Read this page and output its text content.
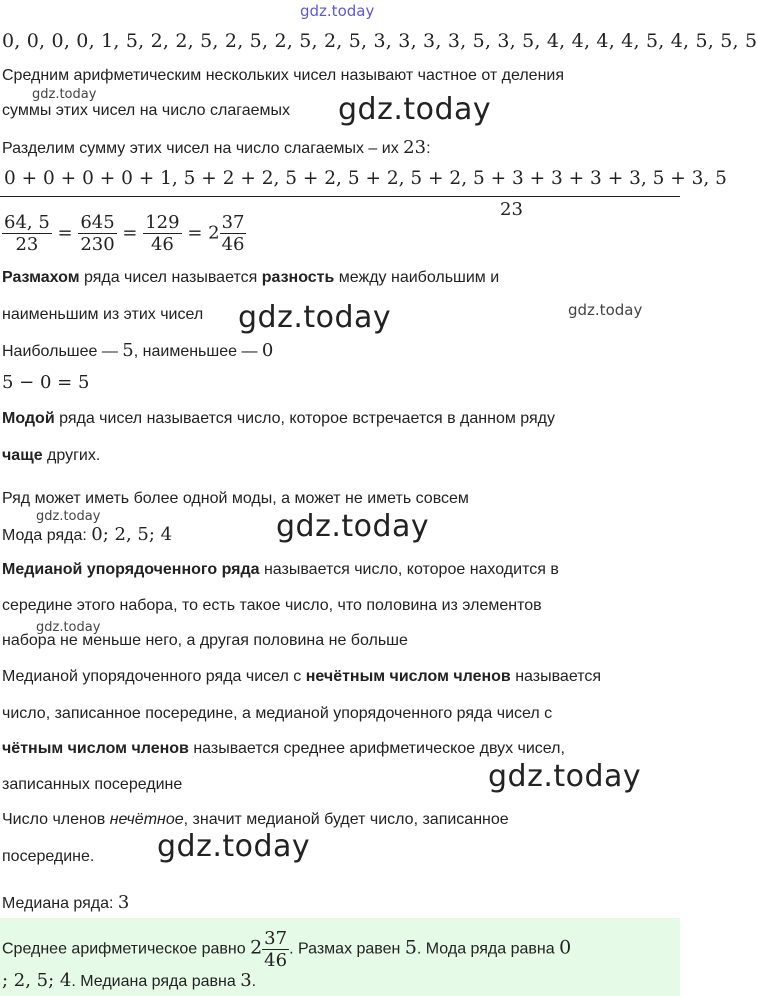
gdz.today
0, 0, 0, 0, 1, 5, 2, 2, 5, 2, 5, 2, 5, 2, 5, 3, 3, 3, 3, 5, 3, 5, 4, 4, 4, 4, 5, 4, 5, 5, 5
Средним арифметическим нескольких чисел называют частное от деления
gdz.today
суммы этих чисел на число слагаемых gdz.today
Разделим сумму этих чисел на число слагаемых – их 23:
0 + 0 + 0 + 0 + 1, 5 + 2 + 2, 5 + 2, 5 + 2, 5 + 2, 5 + 3 + 3 + 3 + 3, 5 + 3, 5
23
$\frac{64, 5}{23} = \frac{645}{230} = \frac{129}{46} = 2 \frac{37}{46}$
Размахом ряда чисел называется разность между наибольшим и
наименьшим из этих чисел gdz.today	gdz.today
Наибольшее — 5, наименьшее — 0
5 − 0 = 5
Модой ряда чисел называется число, которое встречается в данном ряду
чаще других.
Ряд может иметь более одной моды, а может не иметь совсем
gdz.today
Мода ряда: 0; 2, 5; 4	gdz.today
Медианой упорядоченного ряда называется число, которое находится в
середине этого набора, то есть такое число, что половина из элементов
gdz.today
набора не меньше него, а другая половина не больше
Медианой упорядоченного ряда чисел с нечётным числом членов называется
число, записанное посередине, а медианой упорядоченного ряда чисел с
чётным числом членов называется среднее арифметическое двух чисел,
записанных посередине	gdz.today
Число членов нечётное, значит медианой будет число, записанное
посередине. gdz.today
Медиана ряда: 3
Среднее арифметическое равно $2 \frac{37}{46}$ . Размах равен 5. Мода ряда равна 0
; 2, 5; 4. Медиана ряда равна 3.
